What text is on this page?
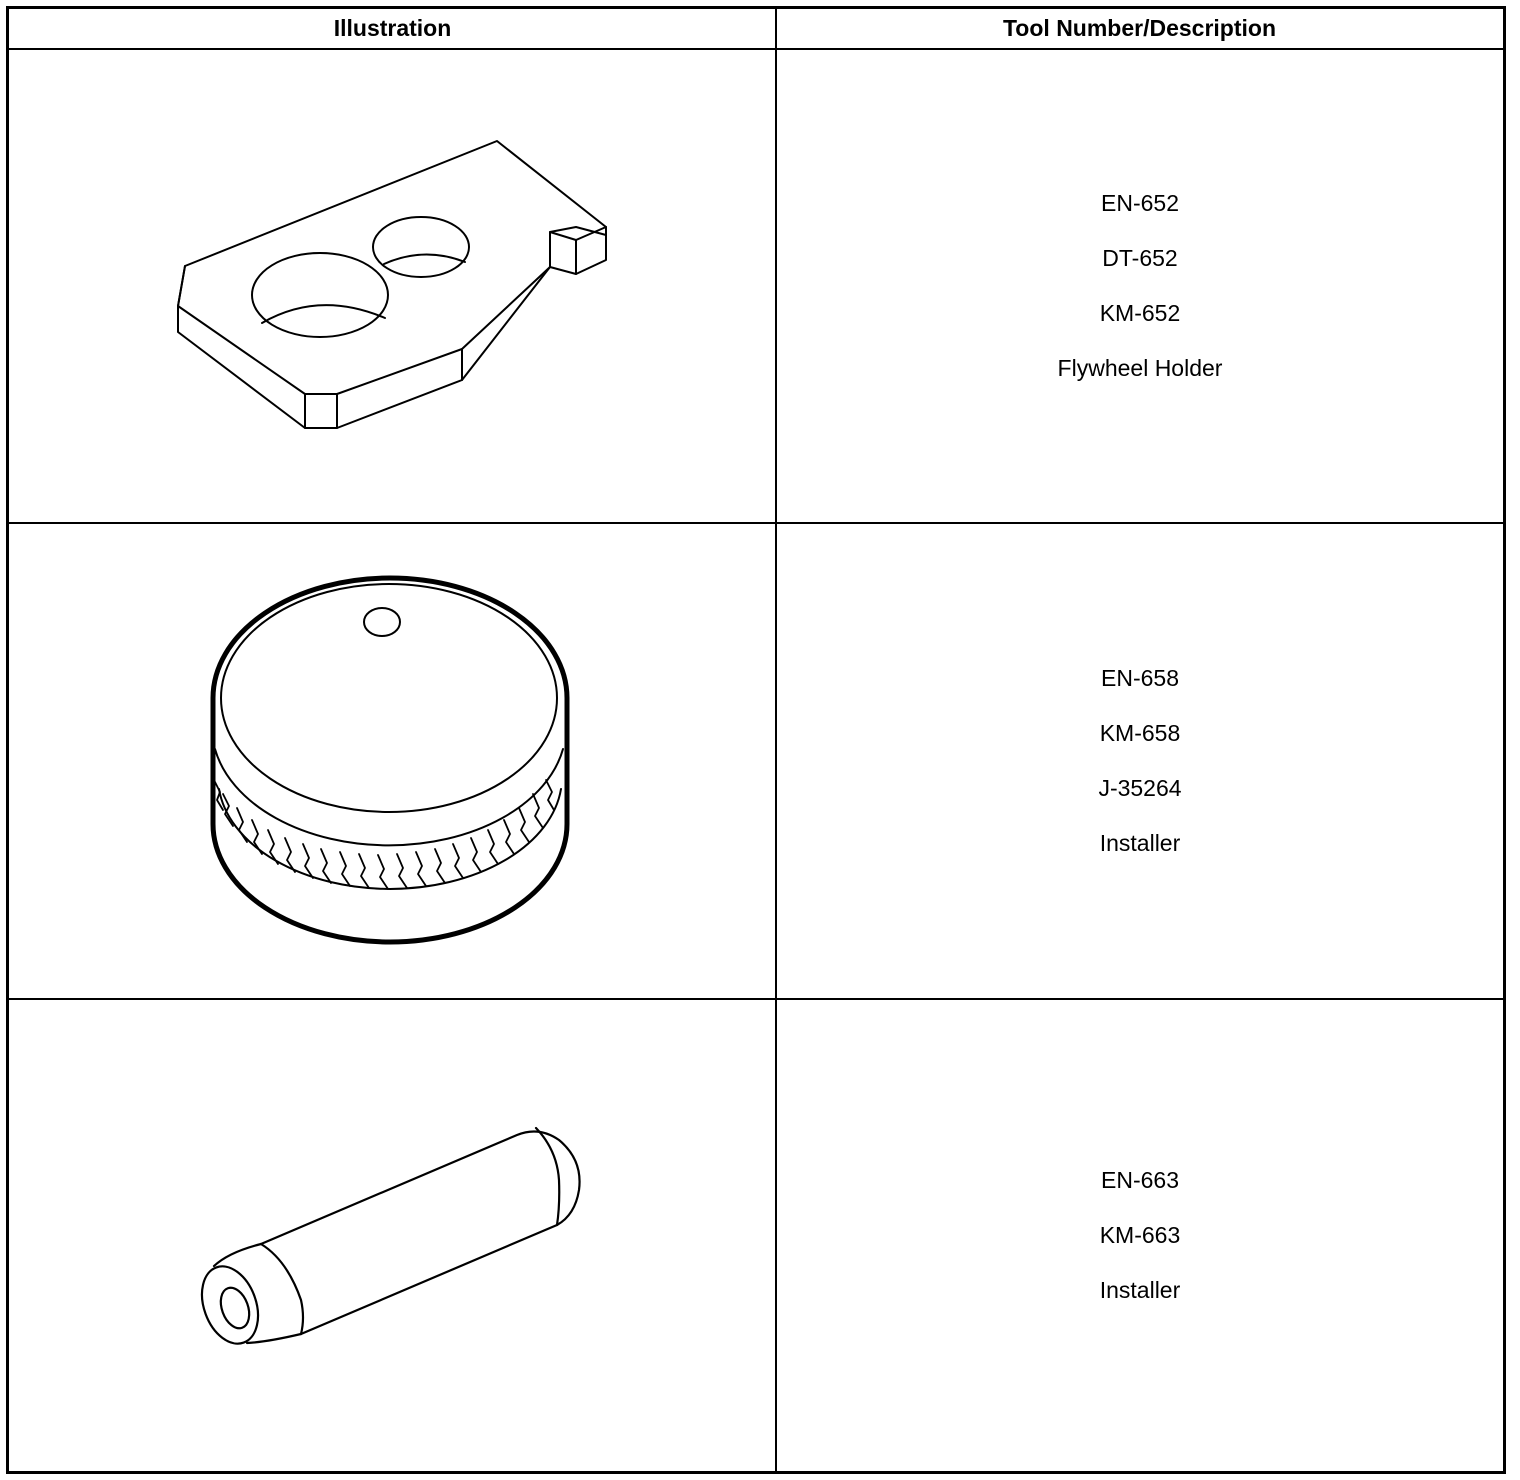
Illustration	Tool Number/Description
EN-652
DT-652
KM-652
Flywheel Holder
EN-658
KM-658
J-35264
Installer
EN-663
KM-663
Installer
